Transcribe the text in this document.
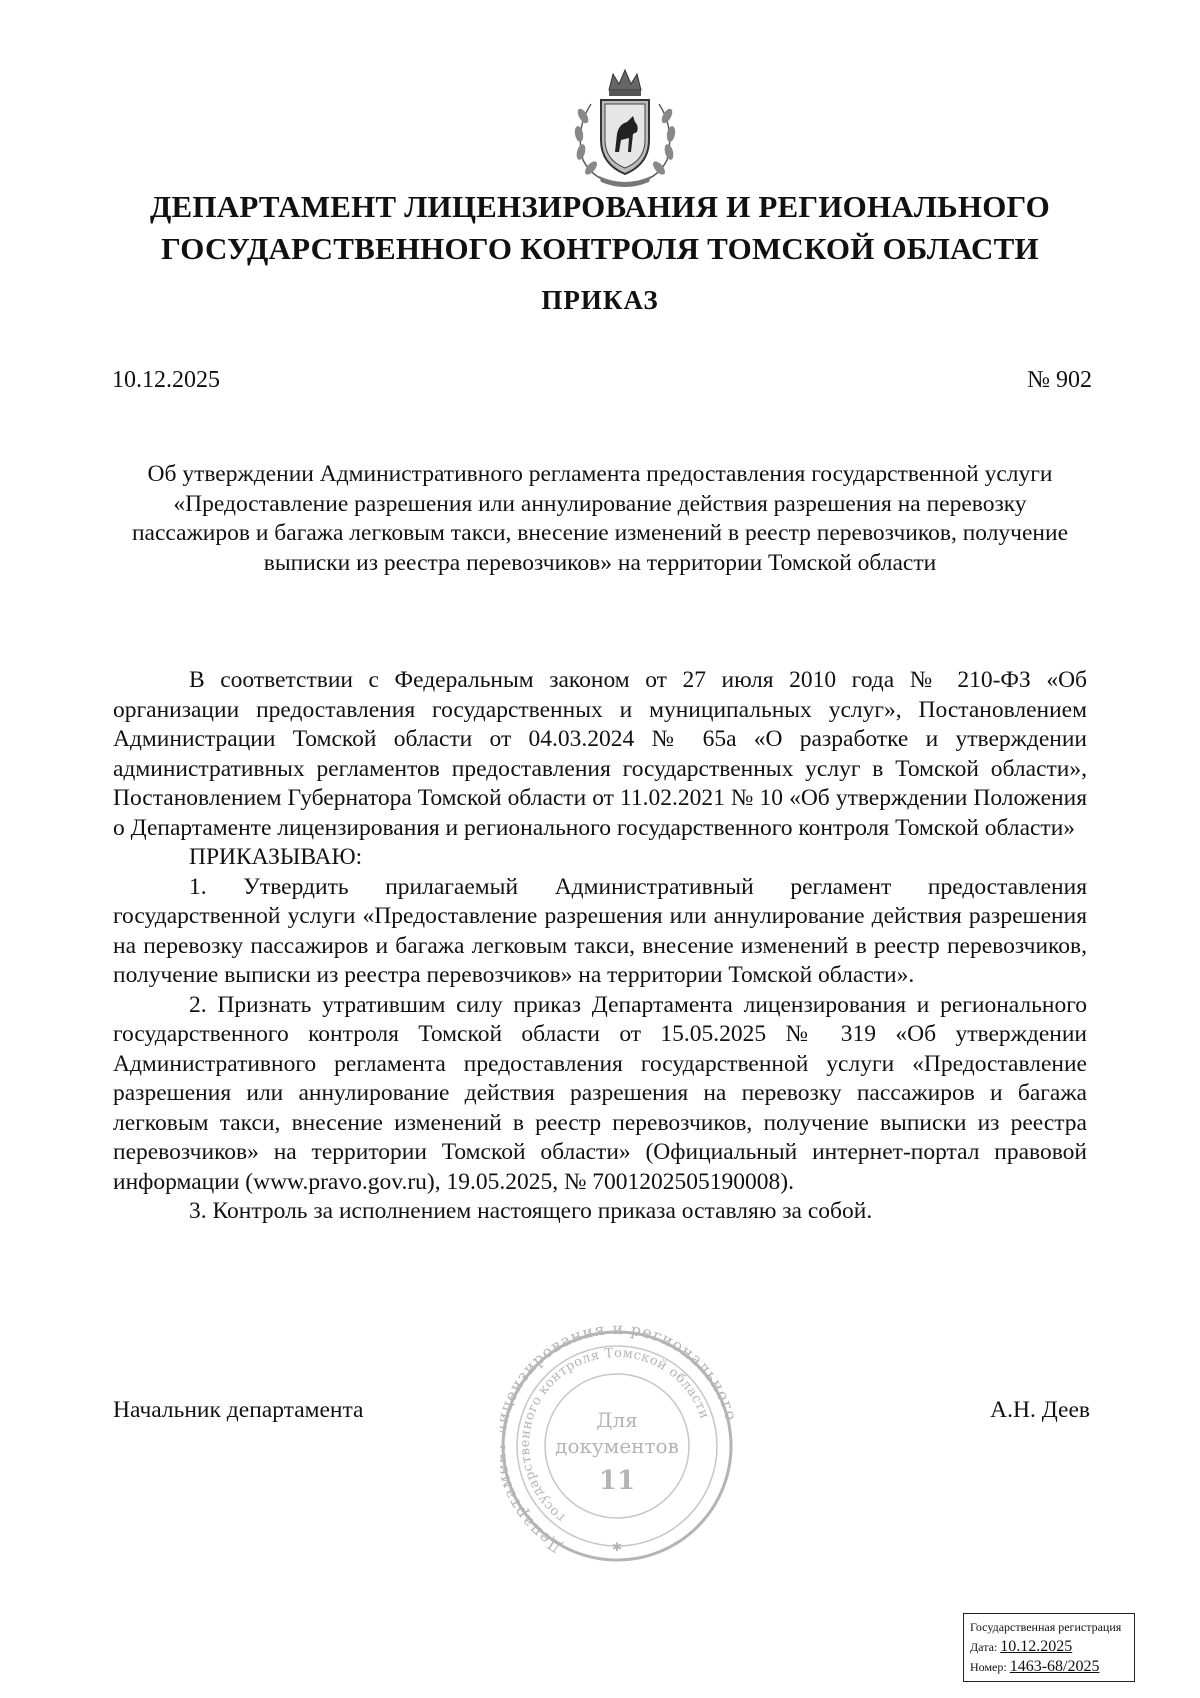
ДЕПАРТАМЕНТ ЛИЦЕНЗИРОВАНИЯ И РЕГИОНАЛЬНОГО ГОСУДАРСТВЕННОГО КОНТРОЛЯ ТОМСКОЙ ОБЛАСТИ
ПРИКАЗ
10.12.2025	№ 902
Об утверждении Административного регламента предоставления государственной услуги «Предоставление разрешения или аннулирование действия разрешения на перевозку пассажиров и багажа легковым такси, внесение изменений в реестр перевозчиков, получение выписки из реестра перевозчиков» на территории Томской области

В соответствии с Федеральным законом от 27 июля 2010 года № 210-ФЗ «Об организации предоставления государственных и муниципальных услуг», Постановлением Администрации Томской области от 04.03.2024 № 65а «О разработке и утверждении административных регламентов предоставления государственных услуг в Томской области», Постановлением Губернатора Томской области от 11.02.2021 № 10 «Об утверждении Положения о Департаменте лицензирования и регионального государственного контроля Томской области»

ПРИКАЗЫВАЮ:

1. Утвердить прилагаемый Административный регламент предоставления государственной услуги «Предоставление разрешения или аннулирование действия разрешения на перевозку пассажиров и багажа легковым такси, внесение изменений в реестр перевозчиков, получение выписки из реестра перевозчиков» на территории Томской области».

2. Признать утратившим силу приказ Департамента лицензирования и регионального государственного контроля Томской области от 15.05.2025 № 319 «Об утверждении Административного регламента предоставления государственной услуги «Предоставление разрешения или аннулирование действия разрешения на перевозку пассажиров и багажа легковым такси, внесение изменений в реестр перевозчиков, получение выписки из реестра перевозчиков» на территории Томской области» (Официальный интернет-портал правовой информации (www.pravo.gov.ru), 19.05.2025, № 7001202505190008).

3. Контроль за исполнением настоящего приказа оставляю за собой.

Начальник департамента	А.Н. Деев
Департа ензирования и регионально
государственного контроля Томской области
Для
документов
11
✱
Государственная регистрация
Дата: 10.12.2025
Номер: 1463-68/2025
